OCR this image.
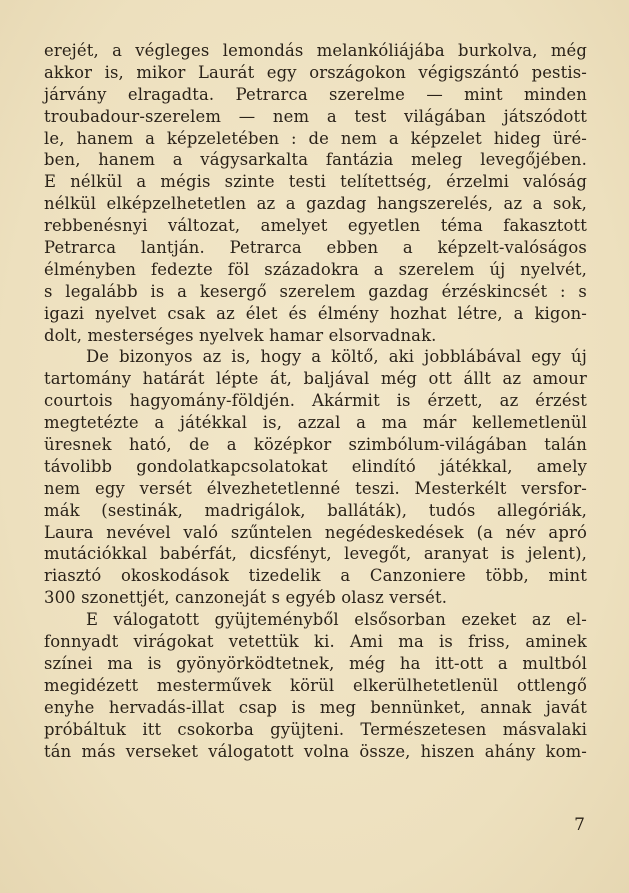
erejét, a végleges lemondás melankóliájába burkolva, még
akkor is, mikor Laurát egy országokon végigszántó pestis-
járvány elragadta. Petrarca szerelme — mint minden
troubadour-szerelem — nem a test világában játszódott
le, hanem a képzeletében : de nem a képzelet hideg üré-
ben, hanem a vágysarkalta fantázia meleg levegőjében.
E nélkül a mégis szinte testi telítettség, érzelmi valóság
nélkül elképzelhetetlen az a gazdag hangszerelés, az a sok,
rebbenésnyi változat, amelyet egyetlen téma fakasztott
Petrarca lantján. Petrarca ebben a képzelt-valóságos
élményben fedezte föl századokra a szerelem új nyelvét,
s legalább is a kesergő szerelem gazdag érzéskincsét : s
igazi nyelvet csak az élet és élmény hozhat létre, a kigon-
dolt, mesterséges nyelvek hamar elsorvadnak.
De bizonyos az is, hogy a költő, aki jobblábával egy új
tartomány határát lépte át, baljával még ott állt az amour
courtois hagyomány-földjén. Akármit is érzett, az érzést
megtetézte a játékkal is, azzal a ma már kellemetlenül
üresnek ható, de a középkor szimbólum-világában talán
távolibb gondolatkapcsolatokat elindító játékkal, amely
nem egy versét élvezhetetlenné teszi. Mesterkélt versfor-
mák (sestinák, madrigálok, balláták), tudós allegóriák,
Laura nevével való szűntelen negédeskedések (a név apró
mutációkkal babérfát, dicsfényt, levegőt, aranyat is jelent),
riasztó okoskodások tizedelik a Canzoniere több, mint
300 szonettjét, canzoneját s egyéb olasz versét.
E válogatott gyüjteményből elsősorban ezeket az el-
fonnyadt virágokat vetettük ki. Ami ma is friss, aminek
színei ma is gyönyörködtetnek, még ha itt-ott a multból
megidézett mesterművek körül elkerülhetetlenül ottlengő
enyhe hervadás-illat csap is meg bennünket, annak javát
próbáltuk itt csokorba gyüjteni. Természetesen másvalaki
tán más verseket válogatott volna össze, hiszen ahány kom-
7
